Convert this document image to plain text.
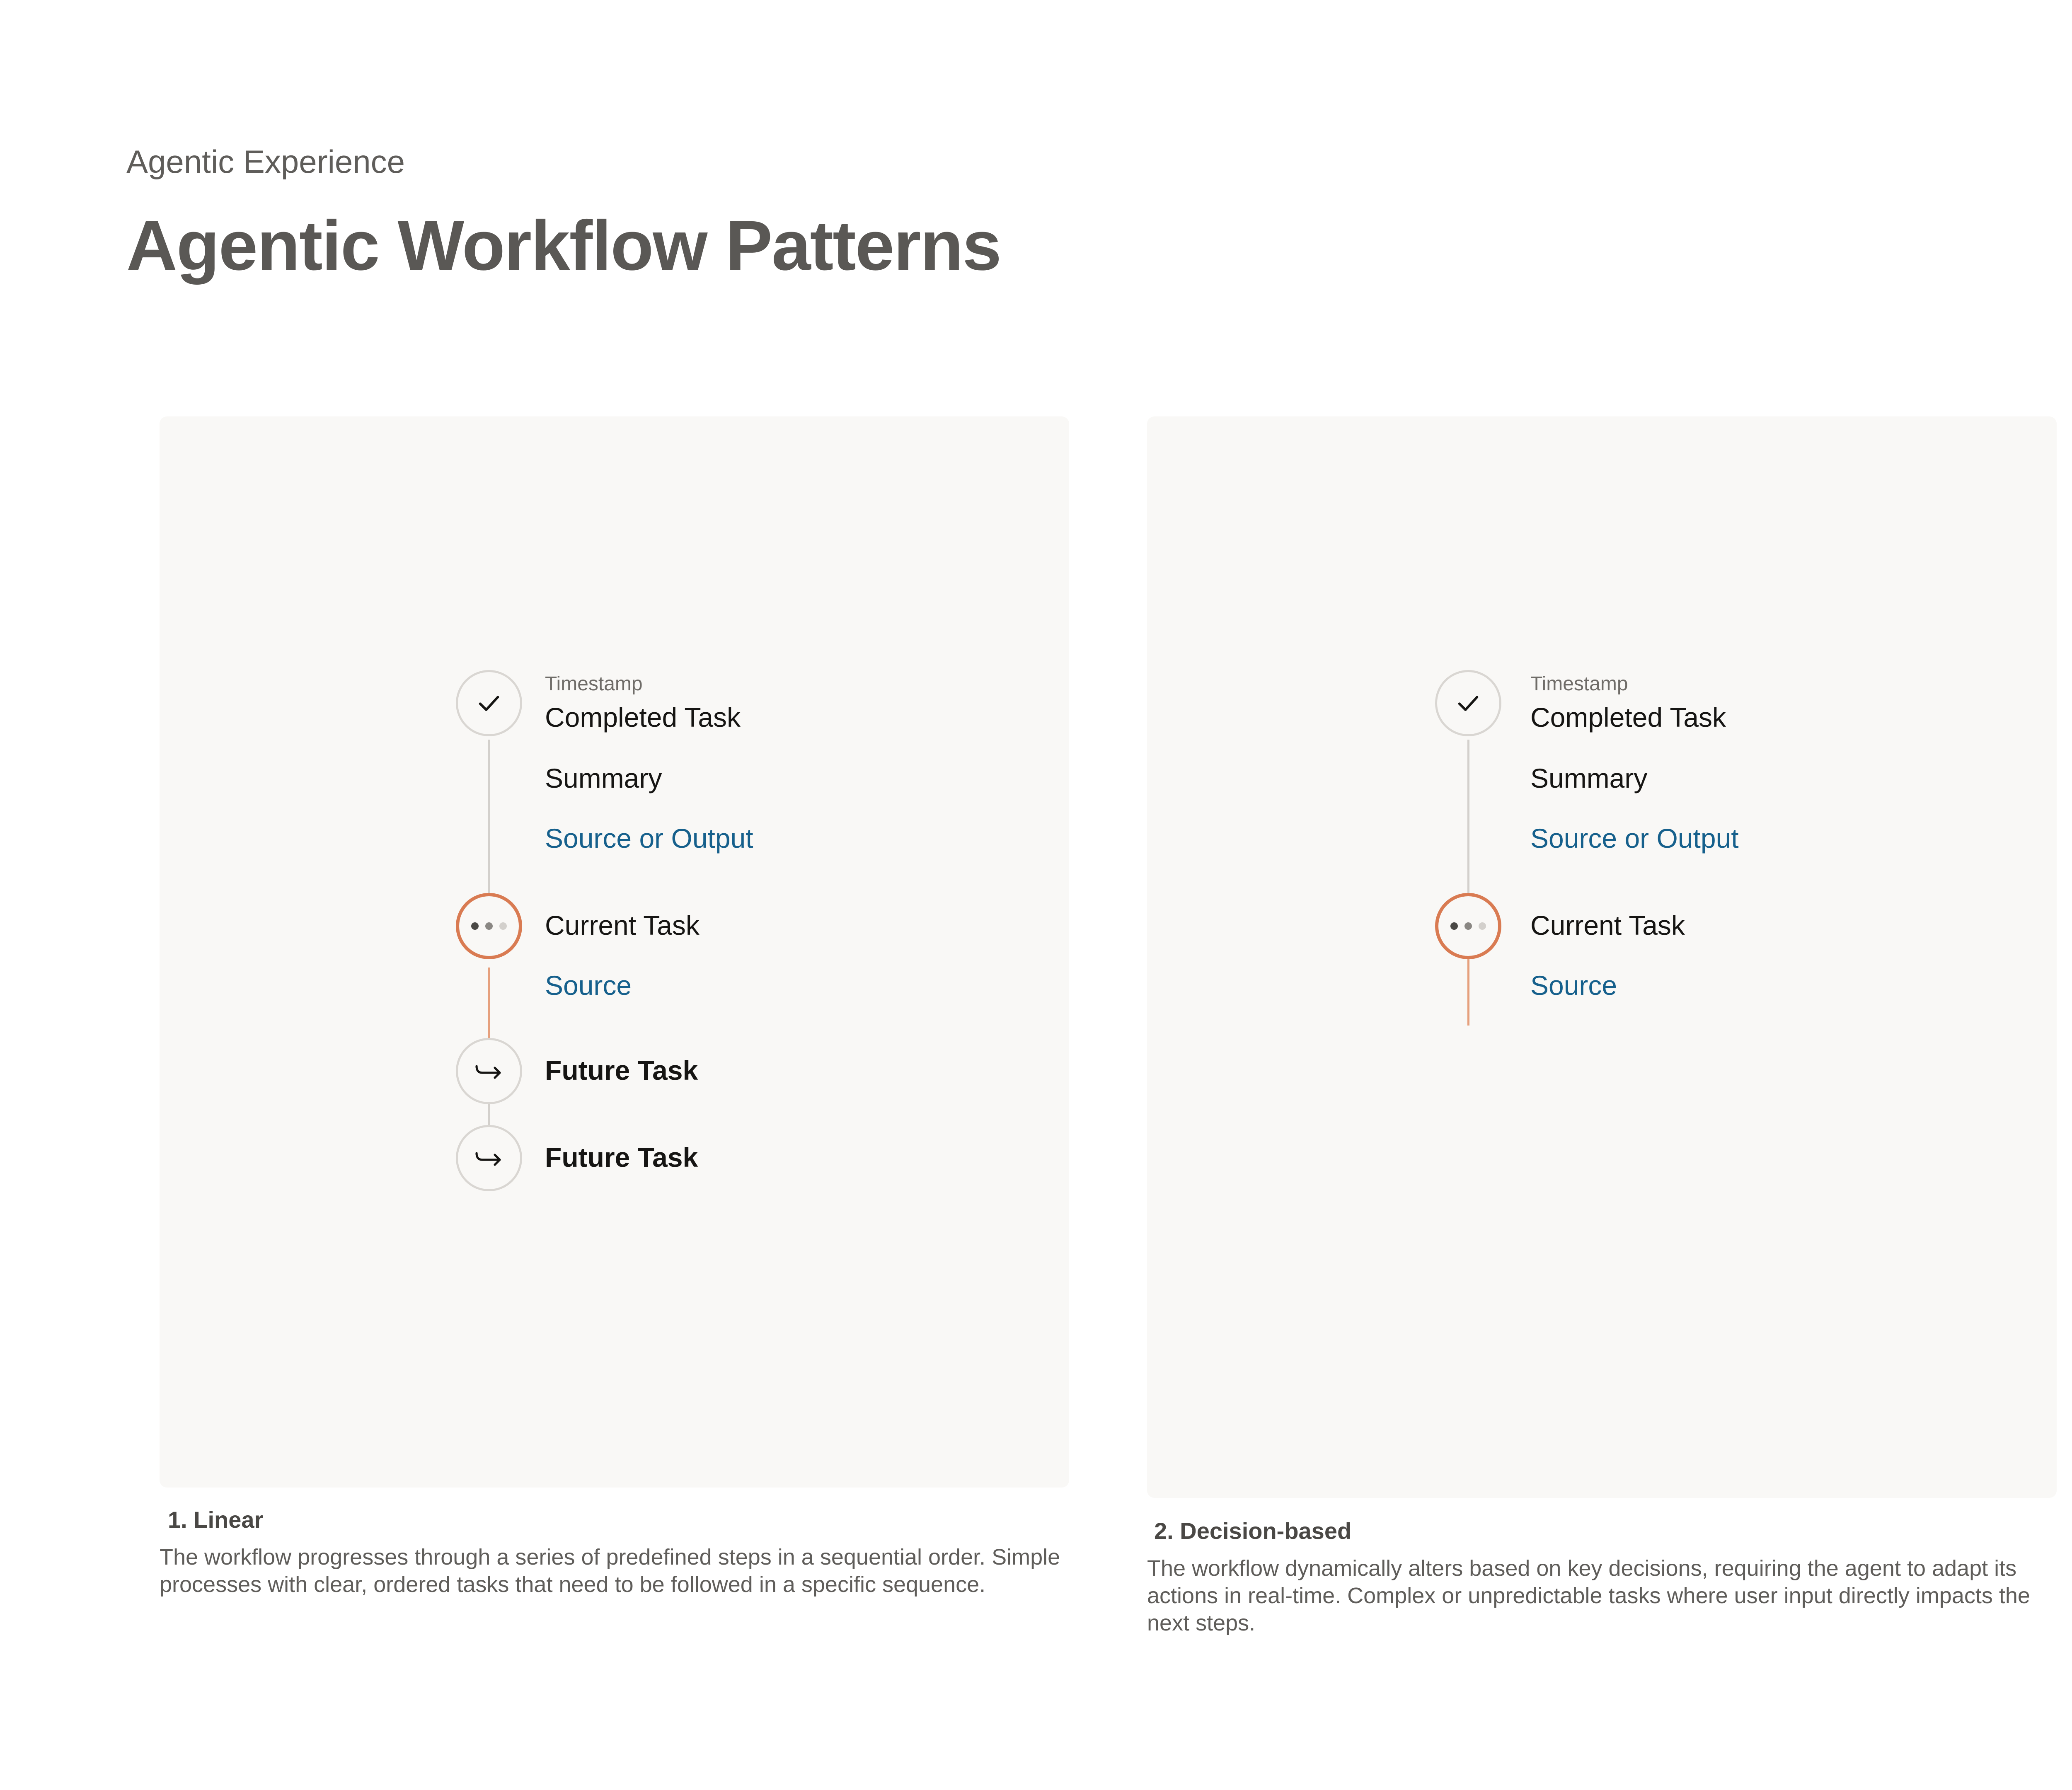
Agentic Experience

Agentic Workflow Patterns

Timestamp

Completed Task

Summary

Source or Output

Current Task

Source

Future Task

Future Task

1. Linear

The workflow progresses through a series of predefined steps in a sequential order. Simple processes with clear, ordered tasks that need to be followed in a specific sequence.

Timestamp

Completed Task

Summary

Source or Output

Current Task

Source

2. Decision-based

The workflow dynamically alters based on key decisions, requiring the agent to adapt its actions in real-time. Complex or unpredictable tasks where user input directly impacts the next steps.
